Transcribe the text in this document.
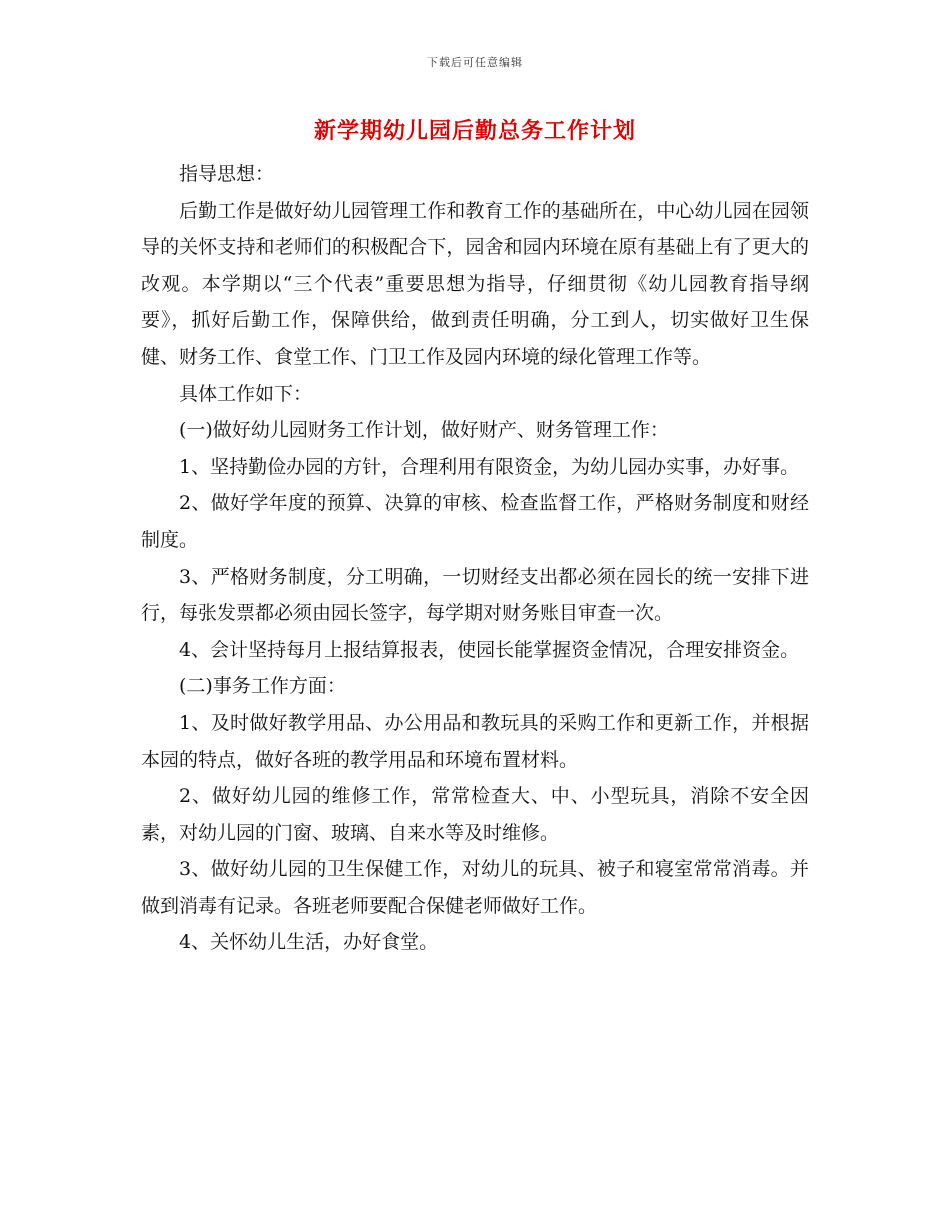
下载后可任意编辑
新学期幼儿园后勤总务工作计划

指导思想：

后勤工作是做好幼儿园管理工作和教育工作的基础所在，中心幼儿园在园领导的关怀支持和老师们的积极配合下，园舍和园内环境在原有基础上有了更大的改观。本学期以“三个代表”重要思想为指导，仔细贯彻《幼儿园教育指导纲要》，抓好后勤工作，保障供给，做到责任明确，分工到人，切实做好卫生保健、财务工作、食堂工作、门卫工作及园内环境的绿化管理工作等。

具体工作如下：

(一)做好幼儿园财务工作计划，做好财产、财务管理工作：

1、坚持勤俭办园的方针，合理利用有限资金，为幼儿园办实事，办好事。

2、做好学年度的预算、决算的审核、检查监督工作，严格财务制度和财经制度。

3、严格财务制度，分工明确，一切财经支出都必须在园长的统一安排下进行，每张发票都必须由园长签字，每学期对财务账目审查一次。

4、会计坚持每月上报结算报表，使园长能掌握资金情况，合理安排资金。

(二)事务工作方面：

1、及时做好教学用品、办公用品和教玩具的采购工作和更新工作，并根据本园的特点，做好各班的教学用品和环境布置材料。

2、做好幼儿园的维修工作，常常检查大、中、小型玩具，消除不安全因素，对幼儿园的门窗、玻璃、自来水等及时维修。

3、做好幼儿园的卫生保健工作，对幼儿的玩具、被子和寝室常常消毒。并做到消毒有记录。各班老师要配合保健老师做好工作。

4、关怀幼儿生活，办好食堂。
